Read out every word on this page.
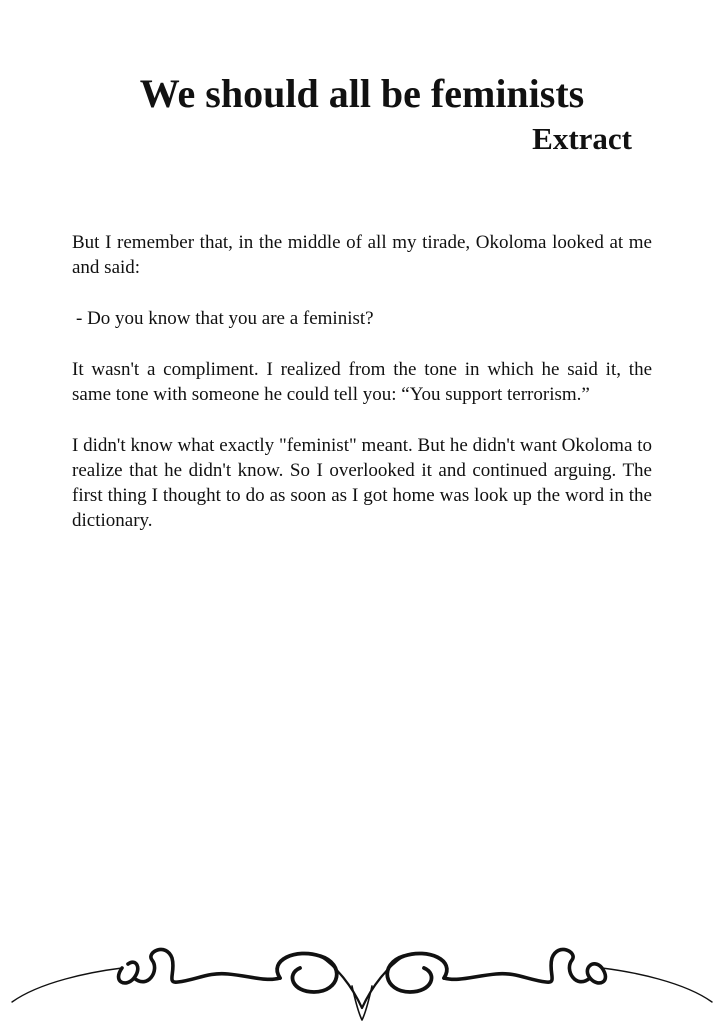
We should all be feminists
Extract

But I remember that, in the middle of all my tirade, Okoloma looked at me and said:

- Do you know that you are a feminist?

It wasn't a compliment. I realized from the tone in which he said it, the same tone with someone he could tell you: “You support terrorism.”

I didn't know what exactly "feminist" meant. But he didn't want Okoloma to realize that he didn't know. So I overlooked it and continued arguing. The first thing I thought to do as soon as I got home was look up the word in the dictionary.
